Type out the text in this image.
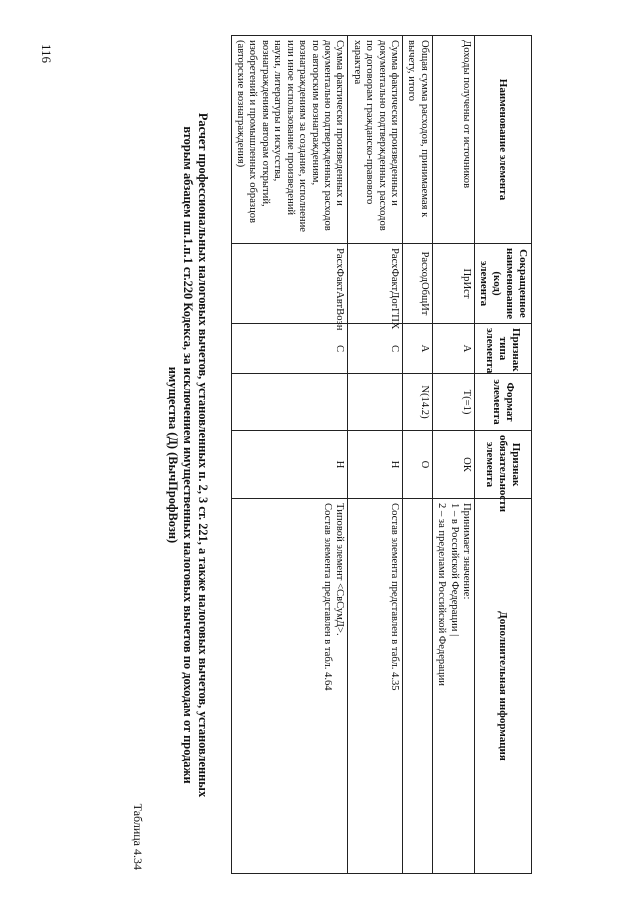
116
Таблица 4.34
Расчет профессиональных налоговых вычетов, установленных п. 2, 3 ст. 221, а также налоговых вычетов, установленных
вторым абзацем пп.1.п.1 ст.220 Кодекса, за исключением имущественных налоговых вычетов по доходам от продажи
имущества (Д) (ВычПрофВозн)
Наименование элемента	Сокращенное наименование (код) элемента	Признак типа элемента	Формат элемента	Признак обязательности элемента	Дополнительная информация
Доходы получены от источников	ПрИст	А	T(=1)	ОК	Принимает значение:
1 – в Российской Федерации |
2 – за пределами Российской Федерации

Общая сумма расходов, принимаемая к вычету, итого	РасходОбщИт	А	N(14.2)	О	
Сумма фактически произведенных и документально подтвержденных расходов по договорам гражданско-правового характера	РасхФактДогГПХ	С		Н	Состав элемента представлен в табл. 4.35

Сумма фактически произведенных и документально подтвержденных расходов по авторским вознаграждениям, вознаграждениям за создание, исполнение или иное использование произведений науки, литературы и искусства, вознаграждениям авторам открытий, изобретений и промышленных образцов (авторские вознаграждения)	РасхФактАвтВозн	С		Н	Типовой элемент <СвСумД>.
Состав элемента представлен в табл. 4.64
